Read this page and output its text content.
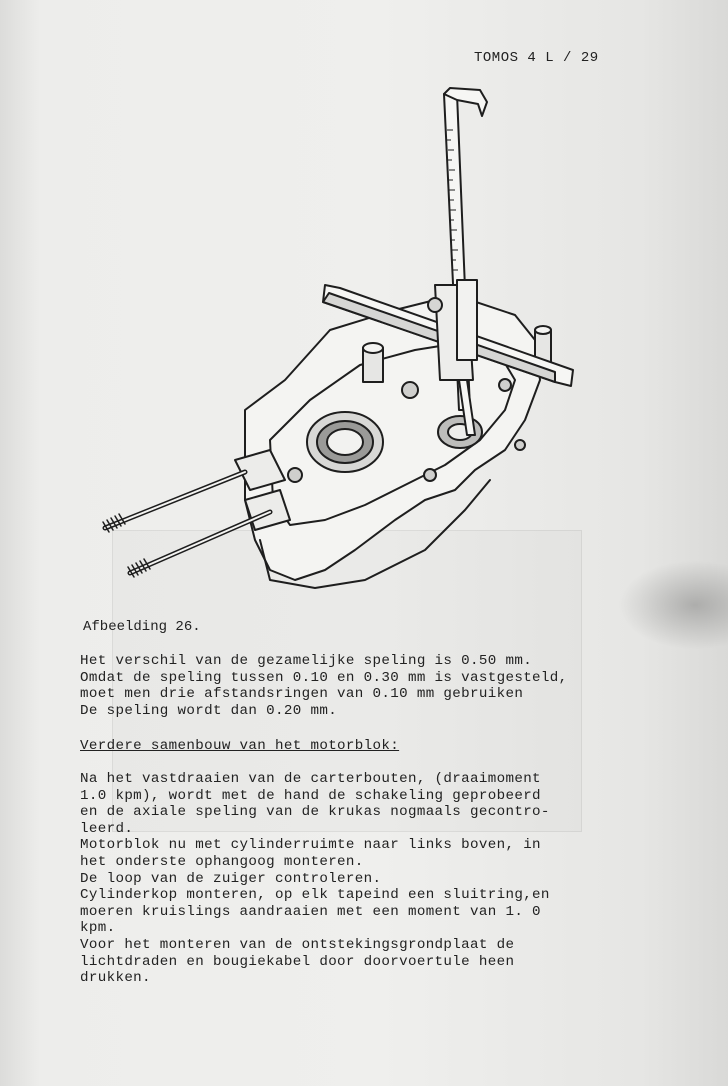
TOMOS 4 L / 29
Afbeelding 26.
Het verschil van de gezamelijke speling is 0.50 mm.
Omdat de speling tussen 0.10 en 0.30 mm is vastgesteld,
moet men drie afstandsringen van 0.10 mm gebruiken
De speling wordt dan 0.20 mm.
Verdere samenbouw van het motorblok:
Na het vastdraaien van de carterbouten, (draaimoment
1.0 kpm), wordt met de hand de schakeling geprobeerd
en de axiale speling van de krukas nogmaals gecontro-
leerd.
Motorblok nu met cylinderruimte naar links boven, in
het onderste ophangoog monteren.
De loop van de zuiger controleren.
Cylinderkop monteren, op elk tapeind een sluitring,en
moeren kruislings aandraaien met een moment van 1. 0
kpm.
Voor het monteren van de ontstekingsgrondplaat de
lichtdraden en bougiekabel door doorvoertule heen
drukken.
